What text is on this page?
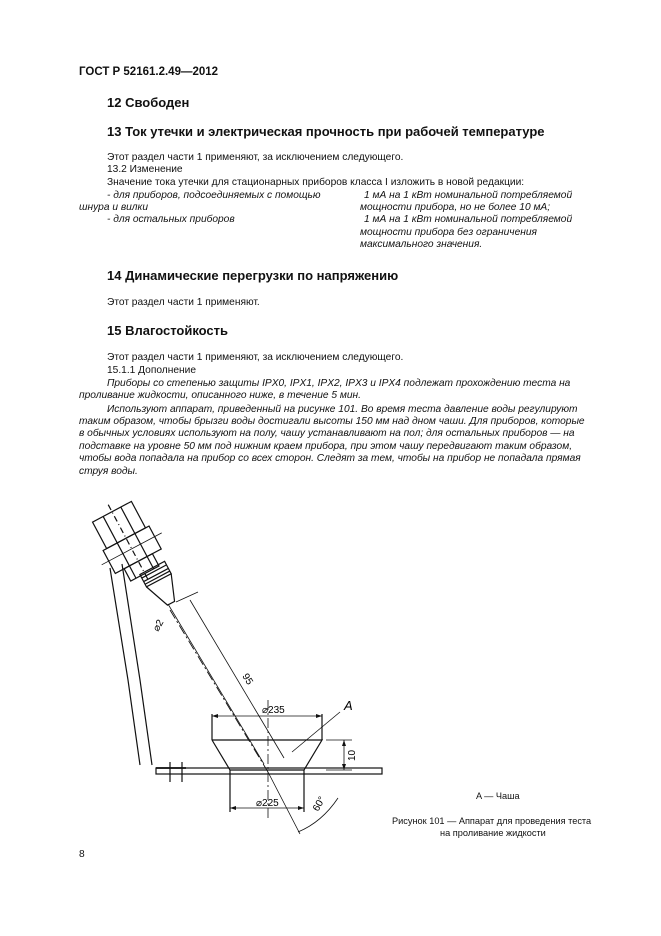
ГОСТ Р 52161.2.49—2012
12 Свободен
13 Ток утечки и электрическая прочность при рабочей температуре
Этот раздел части 1 применяют, за исключением следующего.
13.2 Изменение
Значение тока утечки для стационарных приборов класса I изложить в новой редакции:
- для приборов, подсоединяемых с помощью
шнура и вилки
1 мА на 1 кВт номинальной потребляемой
мощности прибора, но не более 10 мА;
- для остальных приборов	1 мА на 1 кВт номинальной потребляемой
мощности прибора без ограничения
максимального значения.
14 Динамические перегрузки по напряжению
Этот раздел части 1 применяют.
15 Влагостойкость
Этот раздел части 1 применяют, за исключением следующего.
15.1.1 Дополнение
Приборы со степенью защиты IPX0, IPX1, IPX2, IPX3 и IPX4 подлежат прохождению теста на
проливание жидкости, описанного ниже, в течение 5 мин.
Используют аппарат, приведенный на рисунке 101. Во время теста давление воды регулируют
таким образом, чтобы брызги воды достигали высоты 150 мм над дном чаши. Для приборов, которые
в обычных условиях используют на полу, чашу устанавливают на пол; для остальных приборов — на
подставке на уровне 50 мм под нижним краем прибора, при этом чашу передвигают таким образом,
чтобы вода попадала на прибор со всех сторон. Следят за тем, чтобы на прибор не попадала прямая
струя воды.
⌀2
95
⌀235
10
⌀225	60°
A
A — Чаша
Рисунок 101 — Аппарат для проведения теста
на проливание жидкости
8
